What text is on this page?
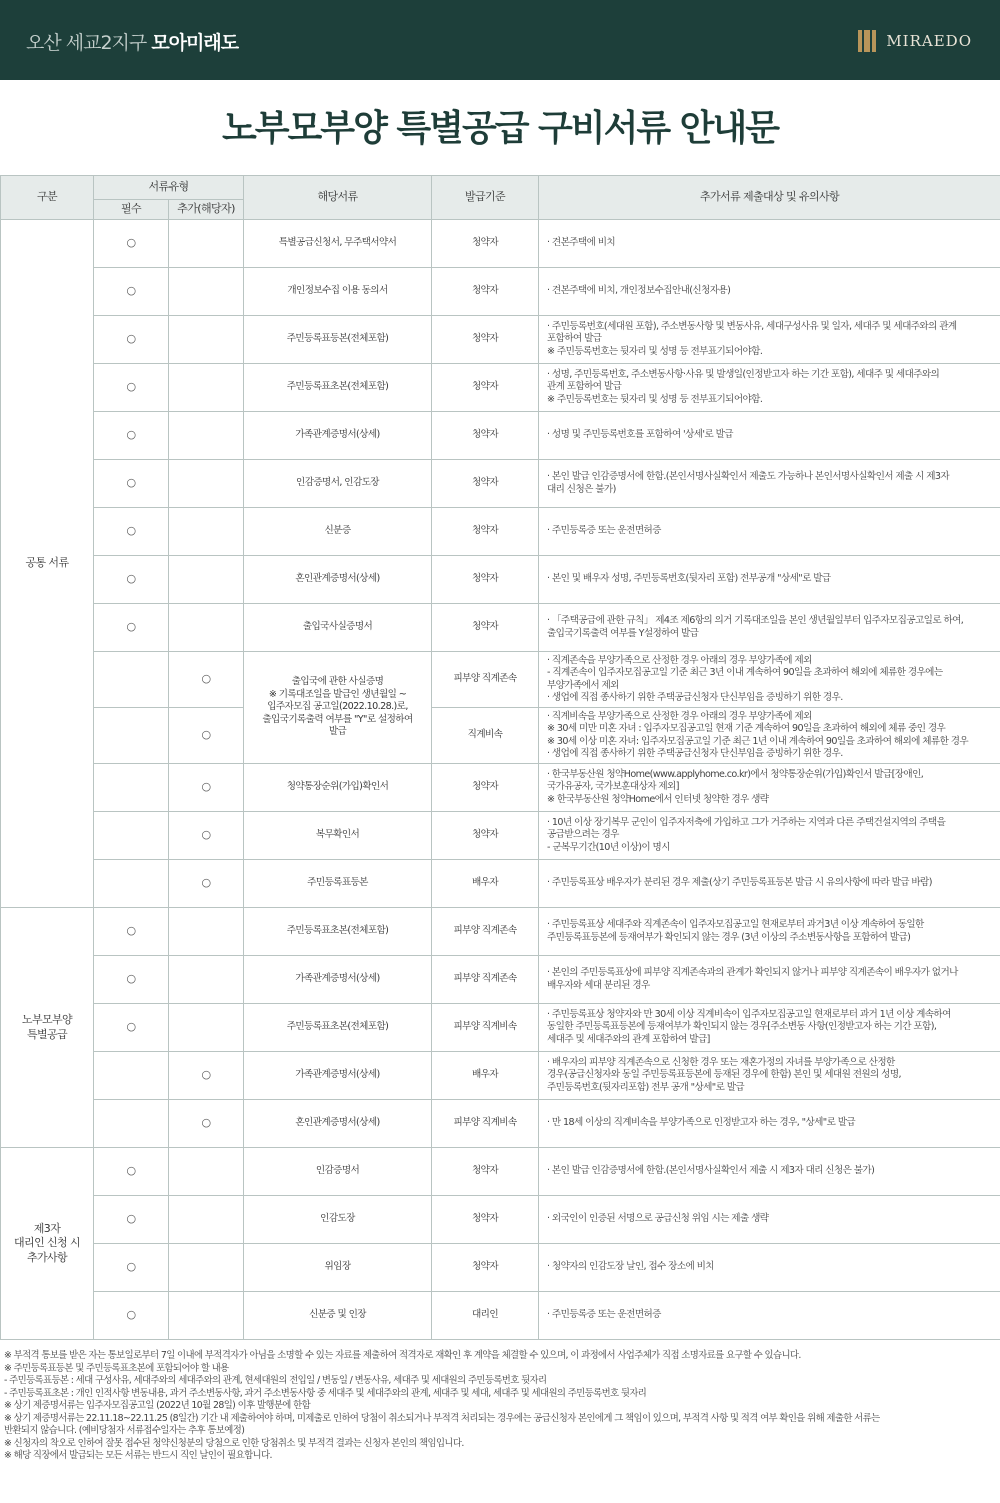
오산 세교2지구 모아미래도	MIRAEDO
노부모부양 특별공급 구비서류 안내문
구분	서류유형		해당서류	발급기준	추가서류 제출대상 및 유의사항
	필수	추가(해당자)			
공통 서류	○		특별공급신청서, 무주택서약서	청약자	· 견본주택에 비치
	○		개인정보수집 이용 동의서	청약자	· 견본주택에 비치, 개인정보수집안내(신청자용)
	○		주민등록표등본(전체포함)	청약자	· 주민등록번호(세대원 포함), 주소변동사항 및 변동사유, 세대구성사유 및 일자, 세대주 및 세대주와의 관계
포함하여 발급
※ 주민등록번호는 뒷자리 및 성명 등 전부표기되어야함.
	○		주민등록표초본(전체포함)	청약자	· 성명, 주민등록번호, 주소변동사항·사유 및 발생일(인정받고자 하는 기간 포함), 세대주 및 세대주와의
관계 포함하여 발급
※ 주민등록번호는 뒷자리 및 성명 등 전부표기되어야함.
	○		가족관계증명서(상세)	청약자	· 성명 및 주민등록번호를 포함하여 '상세'로 발급
	○		인감증명서, 인감도장	청약자	· 본인 발급 인감증명서에 한함.(본인서명사실확인서 제출도 가능하나 본인서명사실확인서 제출 시 제3자
대리 신청은 불가)
	○		신분증	청약자	· 주민등록증 또는 운전면허증
	○		혼인관계증명서(상세)	청약자	· 본인 및 배우자 성명, 주민등록번호(뒷자리 포함) 전부공개 "상세"로 발급
	○		출입국사실증명서	청약자	· 「주택공급에 관한 규칙」 제4조 제6항의 의거 기록대조일을 본인 생년월일부터 입주자모집공고일로 하여,
출입국기록출력 여부를 Y설정하여 발급
		○	출입국에 관한 사실증명
※ 기록대조일을 발급인 생년월일 ~
입주자모집 공고일(2022.10.28.)로,
출입국기록출력 여부를 "Y"로 설정하여
발급	피부양 직계존속	· 직계존속을 부양가족으로 산정한 경우 아래의 경우 부양가족에 제외
- 직계존속이 입주자모집공고일 기준 최근 3년 이내 계속하여 90일을 초과하여 해외에 체류한 경우에는
부양가족에서 제외
· 생업에 직접 종사하기 위한 주택공급신청자 단신부임을 증빙하기 위한 경우.
		○		직계비속	· 직계비속을 부양가족으로 산정한 경우 아래의 경우 부양가족에 제외
※ 30세 미만 미혼 자녀 : 입주자모집공고일 현재 기준 계속하여 90일을 초과하여 해외에 체류 중인 경우
※ 30세 이상 미혼 자녀: 입주자모집공고일 기준 최근 1년 이내 계속하여 90일을 초과하여 해외에 체류한 경우
· 생업에 직접 종사하기 위한 주택공급신청자 단신부임을 증빙하기 위한 경우.
		○	청약통장순위(가입)확인서	청약자	· 한국부동산원 청약Home(www.applyhome.co.kr)에서 청약통장순위(가입)확인서 발급[장애인,
국가유공자, 국가보훈대상자 제외]
※ 한국부동산원 청약Home에서 인터넷 청약한 경우 생략
		○	복무확인서	청약자	· 10년 이상 장기복무 군인이 입주자저축에 가입하고 그가 거주하는 지역과 다른 주택건설지역의 주택을
공급받으려는 경우
- 군복무기간(10년 이상)이 명시
		○	주민등록표등본	배우자	· 주민등록표상 배우자가 분리된 경우 제출(상기 주민등록표등본 발급 시 유의사항에 따라 발급 바람)
노부모부양
특별공급	○		주민등록표초본(전체포함)	피부양 직계존속	· 주민등록표상 세대주와 직계존속이 입주자모집공고일 현재로부터 과거3년 이상 계속하여 동일한
주민등록표등본에 등재여부가 확인되지 않는 경우 (3년 이상의 주소변동사항을 포함하여 발급)
	○		가족관계증명서(상세)	피부양 직계존속	· 본인의 주민등록표상에 피부양 직계존속과의 관계가 확인되지 않거나 피부양 직계존속이 배우자가 없거나
배우자와 세대 분리된 경우
	○		주민등록표초본(전체포함)	피부양 직계비속	· 주민등록표상 청약자와 만 30세 이상 직계비속이 입주자모집공고일 현재로부터 과거 1년 이상 계속하여
동일한 주민등록표등본에 등재여부가 확인되지 않는 경우[주소변동 사항(인정받고자 하는 기간 포함),
세대주 및 세대주와의 관계 포함하여 발급]
		○	가족관계증명서(상세)	배우자	· 배우자의 피부양 직계존속으로 신청한 경우 또는 재혼가정의 자녀를 부양가족으로 산정한
경우(공급신청자와 동일 주민등록표등본에 등재된 경우에 한함) 본인 및 세대원 전원의 성명,
주민등록번호(뒷자리포함) 전부 공개 "상세"로 발급
		○	혼인관계증명서(상세)	피부양 직계비속	· 만 18세 이상의 직계비속을 부양가족으로 인정받고자 하는 경우, "상세"로 발급
제3자
대리인 신청 시
추가사항	○		인감증명서	청약자	· 본인 발급 인감증명서에 한함.(본인서명사실확인서 제출 시 제3자 대리 신청은 불가)
	○		인감도장	청약자	· 외국인이 인증된 서명으로 공급신청 위임 시는 제출 생략
	○		위임장	청약자	· 청약자의 인감도장 날인, 접수 장소에 비치
	○		신분증 및 인장	대리인	· 주민등록증 또는 운전면허증

※ 부적격 통보를 받은 자는 통보일로부터 7일 이내에 부적격자가 아님을 소명할 수 있는 자료를 제출하여 적격자로 재확인 후 계약을 체결할 수 있으며, 이 과정에서 사업주체가 직접 소명자료를 요구할 수 있습니다.

※ 주민등록표등본 및 주민등록표초본에 포함되어야 할 내용
- 주민등록표등본 : 세대 구성사유, 세대주와의 세대주와의 관계, 현세대원의 전입일 / 변동일 / 변동사유, 세대주 및 세대원의 주민등록번호 뒷자리
- 주민등록표초본 : 개인 인적사항 변동내용, 과거 주소변동사항, 과거 주소변동사항 중 세대주 및 세대주와의 관계, 세대주 및 세대, 세대주 및 세대원의 주민등록번호 뒷자리

※ 상기 제증명서류는 입주자모집공고일 (2022년 10월 28일) 이후 발행분에 한함

※ 상기 제증명서류는 22.11.18~22.11.25 (8일간) 기간 내 제출하여야 하며, 미제출로 인하여 당첨이 취소되거나 부적격 처리되는 경우에는 공급신청자 본인에게 그 책임이 있으며, 부적격 사항 및 적격 여부 확인을 위해 제출한 서류는
반환되지 않습니다. (예비당첨자 서류접수일자는 추후 통보예정)

※ 신청자의 착오로 인하여 잘못 접수된 청약신청분의 당첨으로 인한 당첨취소 및 부적격 결과는 신청자 본인의 책임입니다.

※ 해당 직장에서 발급되는 모든 서류는 반드시 직인 날인이 필요합니다.
